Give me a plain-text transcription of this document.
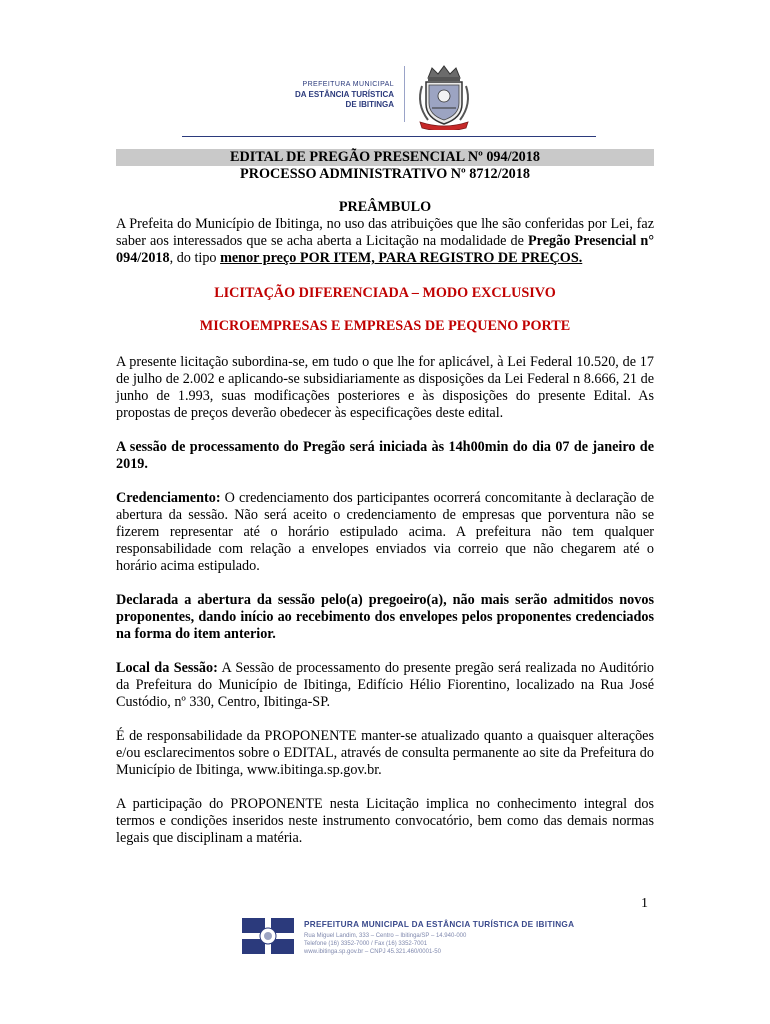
PREFEITURA MUNICIPAL
DA ESTÂNCIA TURÍSTICA
DE IBITINGA
EDITAL DE PREGÃO PRESENCIAL Nº 094/2018
PROCESSO ADMINISTRATIVO Nº 8712/2018
PREÂMBULO

A Prefeita do Município de Ibitinga, no uso das atribuições que lhe são conferidas por Lei, faz saber aos interessados que se acha aberta a Licitação na modalidade de Pregão Presencial n° 094/2018, do tipo menor preço POR ITEM, PARA REGISTRO DE PREÇOS.

LICITAÇÃO DIFERENCIADA – MODO EXCLUSIVO
MICROEMPRESAS E EMPRESAS DE PEQUENO PORTE

A presente licitação subordina-se, em tudo o que lhe for aplicável, à Lei Federal 10.520, de 17 de julho de 2.002 e aplicando-se subsidiariamente as disposições da Lei Federal n 8.666, 21 de junho de 1.993, suas modificações posteriores e às disposições do presente Edital. As propostas de preços deverão obedecer às especificações deste edital.

A sessão de processamento do Pregão será iniciada às 14h00min do dia 07 de janeiro de 2019.

Credenciamento: O credenciamento dos participantes ocorrerá concomitante à declaração de abertura da sessão. Não será aceito o credenciamento de empresas que porventura não se fizerem representar até o horário estipulado acima. A prefeitura não tem qualquer responsabilidade com relação a envelopes enviados via correio que não chegarem até o horário acima estipulado.

Declarada a abertura da sessão pelo(a) pregoeiro(a), não mais serão admitidos novos proponentes, dando início ao recebimento dos envelopes pelos proponentes credenciados na forma do item anterior.

Local da Sessão: A Sessão de processamento do presente pregão será realizada no Auditório da Prefeitura do Município de Ibitinga, Edifício Hélio Fiorentino, localizado na Rua José Custódio, nº 330, Centro, Ibitinga-SP.

É de responsabilidade da PROPONENTE manter-se atualizado quanto a quaisquer alterações e/ou esclarecimentos sobre o EDITAL, através de consulta permanente ao site da Prefeitura do Município de Ibitinga, www.ibitinga.sp.gov.br.

A participação do PROPONENTE nesta Licitação implica no conhecimento integral dos termos e condições inseridos neste instrumento convocatório, bem como das demais normas legais que disciplinam a matéria.

1
PREFEITURA MUNICIPAL DA ESTÂNCIA TURÍSTICA DE IBITINGA
Rua Miguel Landim, 333 – Centro – Ibitinga/SP – 14.940-000
Telefone (16) 3352-7000 / Fax (16) 3352-7001
www.ibitinga.sp.gov.br – CNPJ 45.321.460/0001-50
